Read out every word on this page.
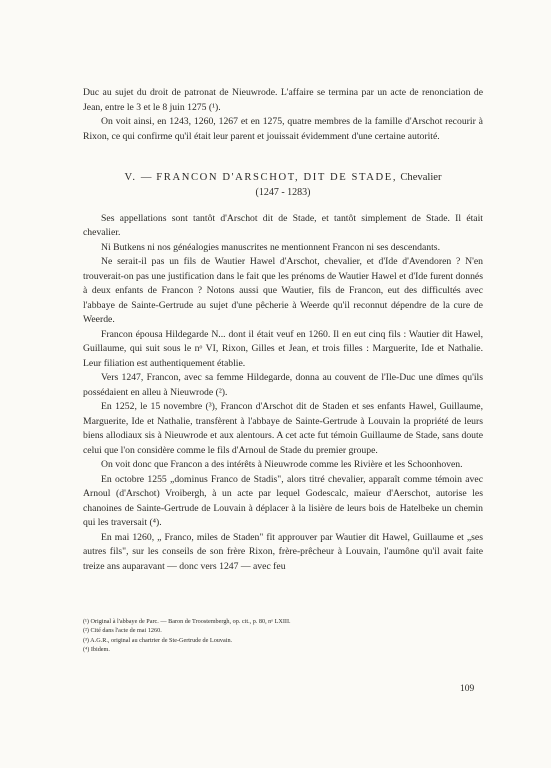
Duc au sujet du droit de patronat de Nieuwrode. L'affaire se termina par un acte de renonciation de Jean, entre le 3 et le 8 juin 1275 (¹).

On voit ainsi, en 1243, 1260, 1267 et en 1275, quatre membres de la famille d'Arschot recourir à Rixon, ce qui confirme qu'il était leur parent et jouissait évidemment d'une certaine autorité.

V. — FRANCON D'ARSCHOT, DIT DE STADE, Chevalier
(1247 - 1283)

Ses appellations sont tantôt d'Arschot dit de Stade, et tantôt simplement de Stade. Il était chevalier.

Ni Butkens ni nos généalogies manuscrites ne mentionnent Francon ni ses descendants.

Ne serait-il pas un fils de Wautier Hawel d'Arschot, chevalier, et d'Ide d'Avendoren ? N'en trouverait-on pas une justification dans le fait que les prénoms de Wautier Hawel et d'Ide furent donnés à deux enfants de Francon ? Notons aussi que Wautier, fils de Francon, eut des difficultés avec l'abbaye de Sainte-Gertrude au sujet d'une pêcherie à Weerde qu'il reconnut dépendre de la cure de Weerde.

Francon épousa Hildegarde N... dont il était veuf en 1260. Il en eut cinq fils : Wautier dit Hawel, Guillaume, qui suit sous le nᵒ VI, Rixon, Gilles et Jean, et trois filles : Marguerite, Ide et Nathalie. Leur filiation est authentiquement établie.

Vers 1247, Francon, avec sa femme Hildegarde, donna au couvent de l'Ile-Duc une dîmes qu'ils possédaient en alleu à Nieuwrode (²).

En 1252, le 15 novembre (³), Francon d'Arschot dit de Staden et ses enfants Hawel, Guillaume, Marguerite, Ide et Nathalie, transfèrent à l'abbaye de Sainte-Gertrude à Louvain la propriété de leurs biens allodiaux sis à Nieuwrode et aux alentours. A cet acte fut témoin Guillaume de Stade, sans doute celui que l'on considère comme le fils d'Arnoul de Stade du premier groupe.

On voit donc que Francon a des intérêts à Nieuwrode comme les Rivière et les Schoonhoven.

En octobre 1255 „dominus Franco de Stadis", alors titré chevalier, apparaît comme témoin avec Arnoul (d'Arschot) Vroibergh, à un acte par lequel Godescalc, maïeur d'Aerschot, autorise les chanoines de Sainte-Gertrude de Louvain à déplacer à la lisière de leurs bois de Hatelbeke un chemin qui les traversait (⁴).

En mai 1260, „ Franco, miles de Staden" fit approuver par Wautier dit Hawel, Guillaume et „ses autres fils", sur les conseils de son frère Rixon, frère-prêcheur à Louvain, l'aumône qu'il avait faite treize ans auparavant — donc vers 1247 — avec feu

(¹) Original à l'abbaye de Parc. — Baron de Troostembergh, op. cit., p. 80, nᵒ LXIII.

(²) Cité dans l'acte de mai 1260.

(³) A.G.R., original au chartrier de Ste-Gertrude de Louvain.

(⁴) Ibidem.

109
